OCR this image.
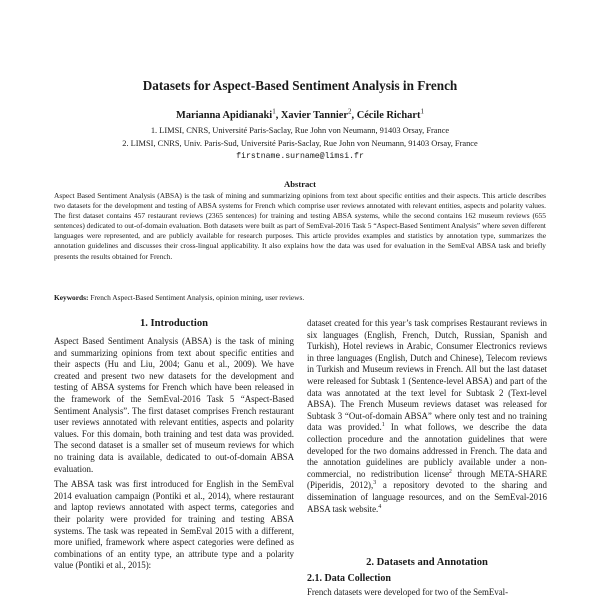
Datasets for Aspect-Based Sentiment Analysis in French
Marianna Apidianaki$^1$, Xavier Tannier$^2$, Cécile Richart$^1$
1. LIMSI, CNRS, Université Paris-Saclay, Rue John von Neumann, 91403 Orsay, France
2. LIMSI, CNRS, Univ. Paris-Sud, Université Paris-Saclay, Rue John von Neumann, 91403 Orsay, France
firstname.surname@limsi.fr
Abstract
Aspect Based Sentiment Analysis (ABSA) is the task of mining and summarizing opinions from text about specific entities and their aspects. This article describes two datasets for the development and testing of ABSA systems for French which comprise user reviews annotated with relevant entities, aspects and polarity values. The first dataset contains 457 restaurant reviews (2365 sentences) for training and testing ABSA systems, while the second contains 162 museum reviews (655 sentences) dedicated to out-of-domain evaluation. Both datasets were built as part of SemEval-2016 Task 5 “Aspect-Based Sentiment Analysis” where seven different languages were represented, and are publicly available for research purposes. This article provides examples and statistics by annotation type, summarizes the annotation guidelines and discusses their cross-lingual applicability. It also explains how the data was used for evaluation in the SemEval ABSA task and briefly presents the results obtained for French.
Keywords: French Aspect-Based Sentiment Analysis, opinion mining, user reviews.
1. Introduction

Aspect Based Sentiment Analysis (ABSA) is the task of mining and summarizing opinions from text about specific entities and their aspects (Hu and Liu, 2004; Ganu et al., 2009). We have created and present two new datasets for the development and testing of ABSA systems for French which have been released in the framework of the SemEval-2016 Task 5 “Aspect-Based Sentiment Analysis”. The first dataset comprises French restaurant user reviews annotated with relevant entities, aspects and polarity values. For this domain, both training and test data was provided. The second dataset is a smaller set of museum reviews for which no training data is available, dedicated to out-of-domain ABSA evaluation.

The ABSA task was first introduced for English in the SemEval 2014 evaluation campaign (Pontiki et al., 2014), where restaurant and laptop reviews annotated with aspect terms, categories and their polarity were provided for training and testing ABSA systems. The task was repeated in SemEval 2015 with a different, more unified, framework where aspect categories were defined as combinations of an entity type, an attribute type and a polarity value (Pontiki et al., 2015):

dataset created for this year’s task comprises Restaurant reviews in six languages (English, French, Dutch, Russian, Spanish and Turkish), Hotel reviews in Arabic, Consumer Electronics reviews in three languages (English, Dutch and Chinese), Telecom reviews in Turkish and Museum reviews in French. All but the last dataset were released for Subtask 1 (Sentence-level ABSA) and part of the data was annotated at the text level for Subtask 2 (Text-level ABSA). The French Museum reviews dataset was released for Subtask 3 “Out-of-domain ABSA” where only test and no training data was provided.$^1$ In what follows, we describe the data collection procedure and the annotation guidelines that were developed for the two domains addressed in French. The data and the annotation guidelines are publicly available under a non-commercial, no redistribution license$^2$ through META-SHARE (Piperidis, 2012),$^3$ a repository devoted to the sharing and dissemination of language resources, and on the SemEval-2016 ABSA task website.$^4$

2. Datasets and Annotation
2.1. Data Collection
French datasets were developed for two of the SemEval-
